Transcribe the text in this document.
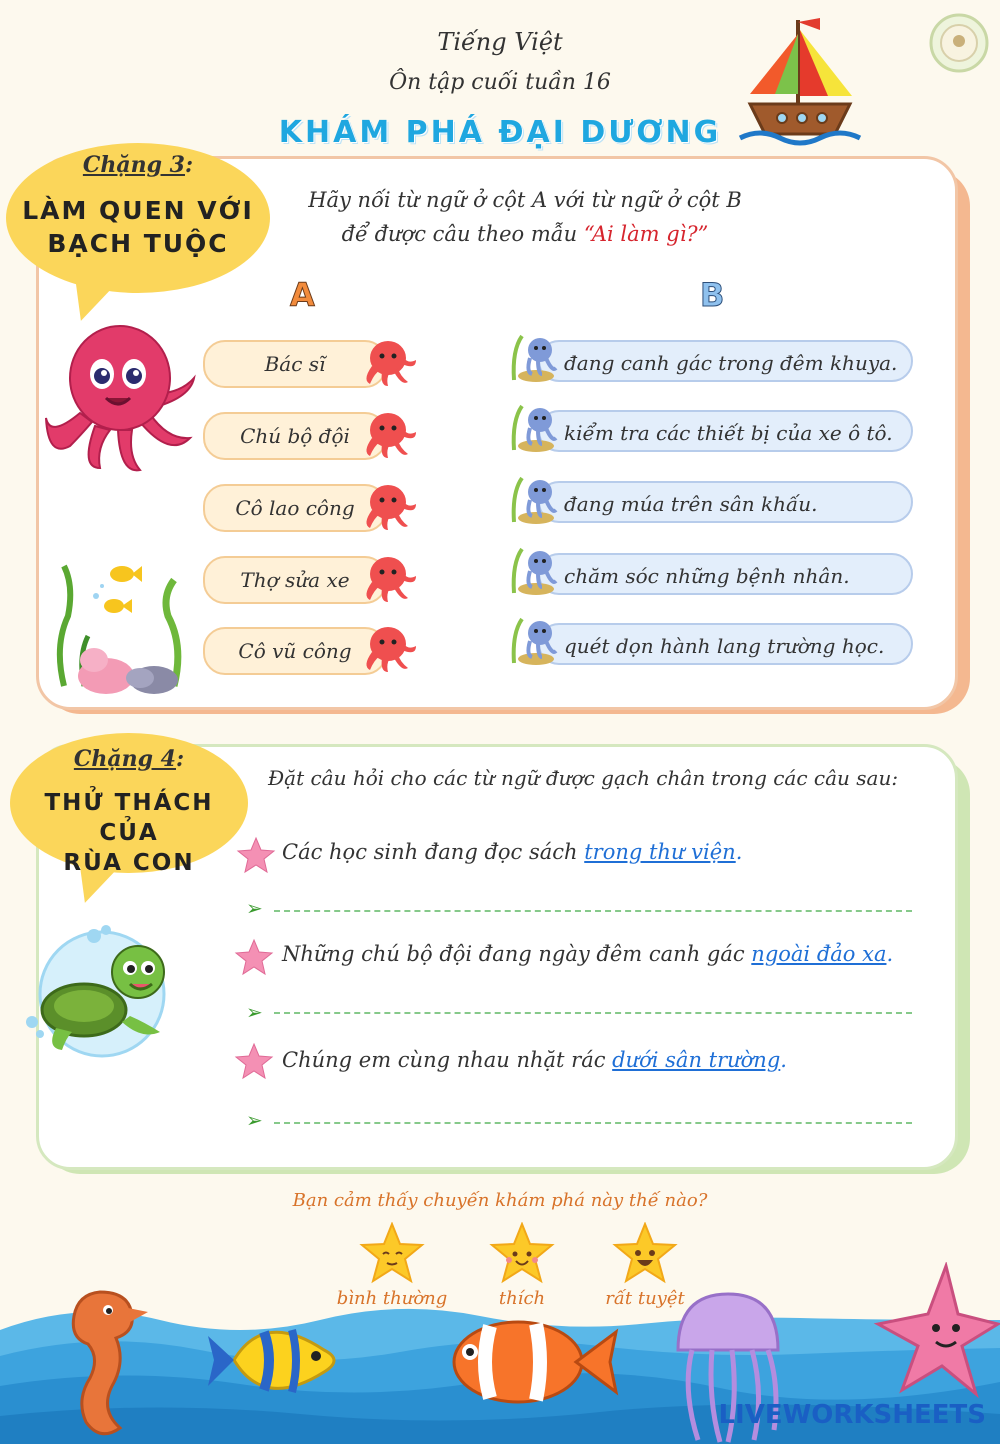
Tiếng Việt
Ôn tập cuối tuần 16
KHÁM PHÁ ĐẠI DƯƠNG
Chặng 3:
LÀM QUEN VỚI
BẠCH TUỘC
Hãy nối từ ngữ ở cột A với từ ngữ ở cột B
để được câu theo mẫu “Ai làm gì?”
A	B
Bác sĩ
Chú bộ đội
Cô lao công
Thợ sửa xe
Cô vũ công
đang canh gác trong đêm khuya.
kiểm tra các thiết bị của xe ô tô.
đang múa trên sân khấu.
chăm sóc những bệnh nhân.
quét dọn hành lang trường học.
Chặng 4:
THỬ THÁCH CỦA
RÙA CON
Đặt câu hỏi cho các từ ngữ được gạch chân trong các câu sau:
Các học sinh đang đọc sách trong thư viện.
➢
Những chú bộ đội đang ngày đêm canh gác ngoài đảo xa.
➢
Chúng em cùng nhau nhặt rác dưới sân trường.
➢
Bạn cảm thấy chuyến khám phá này thế nào?
bình thường	thích	rất tuyệt
LIVEWORKSHEETS
